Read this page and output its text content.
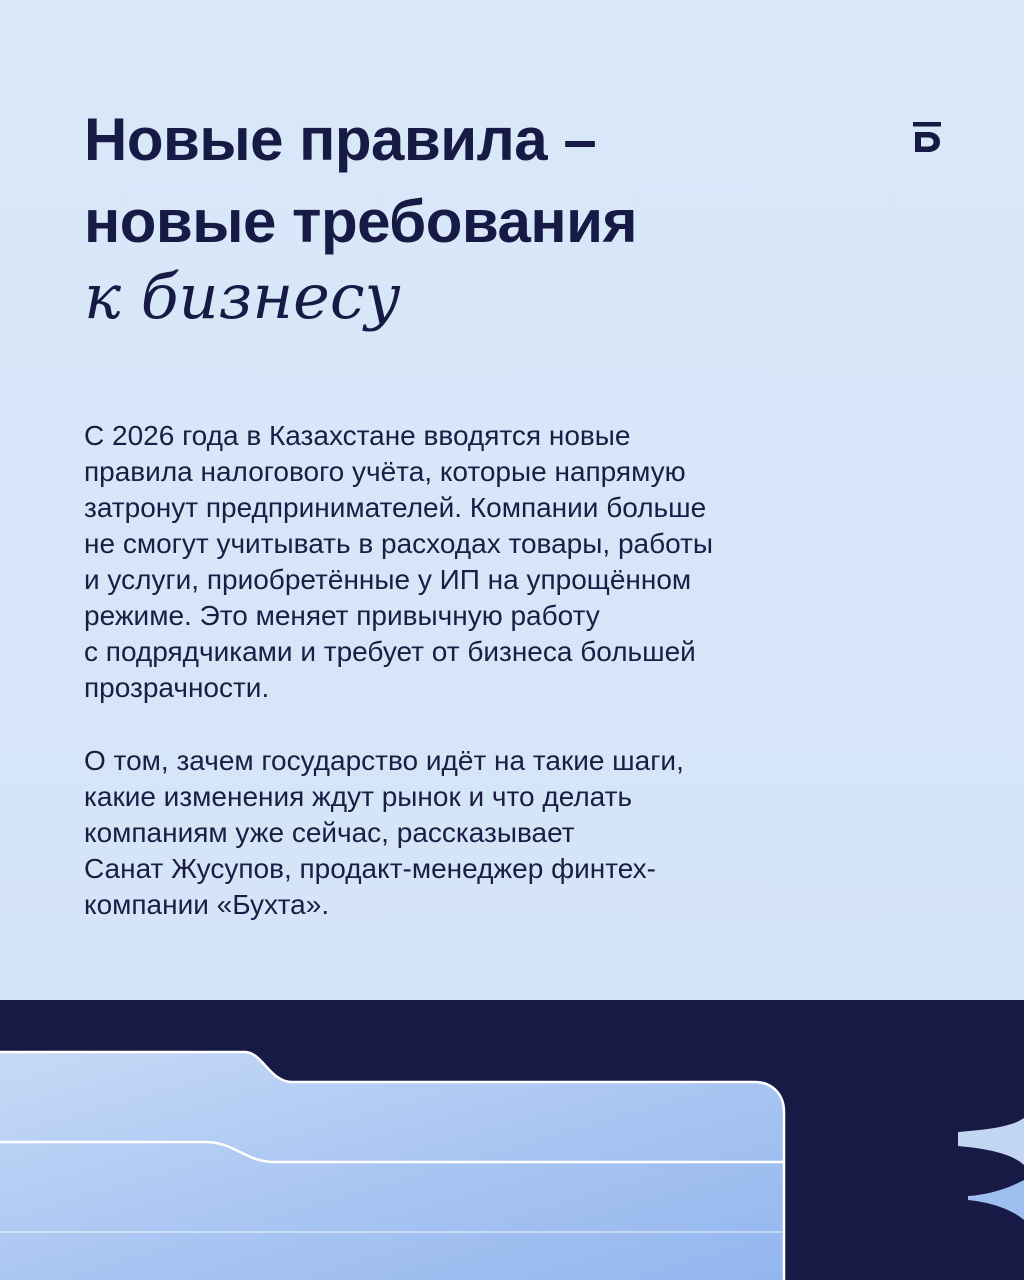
Новые правила –
новые требования
к бизнесу

С 2026 года в Казахстане вводятся новые
правила налогового учёта, которые напрямую
затронут предпринимателей. Компании больше
не смогут учитывать в расходах товары, работы
и услуги, приобретённые у ИП на упрощённом
режиме. Это меняет привычную работу
с подрядчиками и требует от бизнеса большей
прозрачности.

О том, зачем государство идёт на такие шаги,
какие изменения ждут рынок и что делать
компаниям уже сейчас, рассказывает
Санат Жусупов, продакт-менеджер финтех-
компании «Бухта».
